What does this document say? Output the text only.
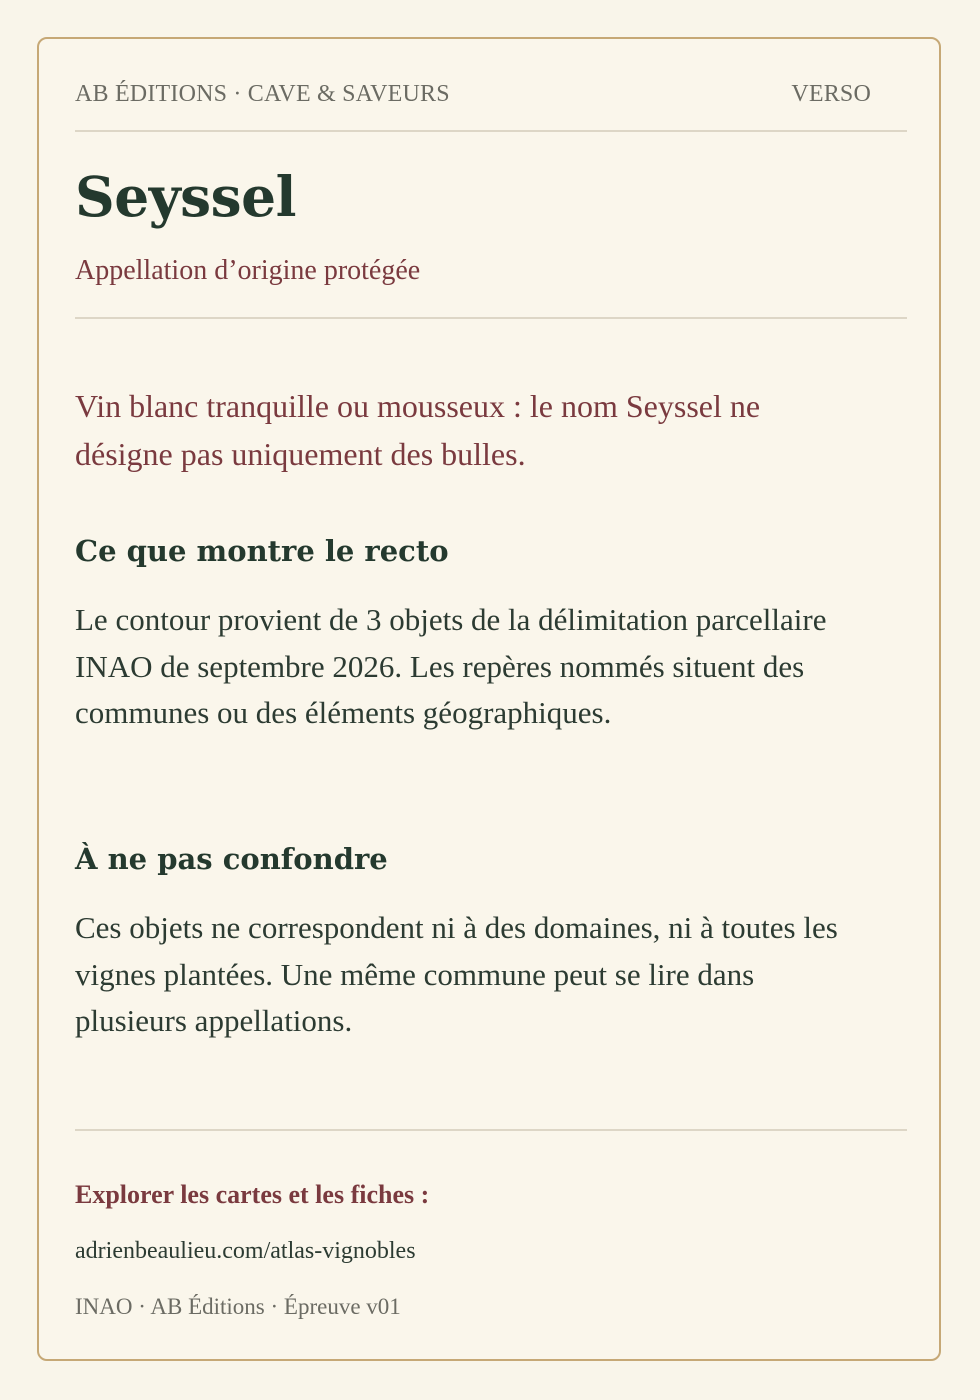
AB ÉDITIONS · CAVE & SAVEURS	VERSO
Seyssel
Appellation d’origine protégée
Vin blanc tranquille ou mousseux : le nom Seyssel ne désigne pas uniquement des bulles.
Ce que montre le recto
Le contour provient de 3 objets de la délimitation parcellaire INAO de septembre 2026. Les repères nommés situent des communes ou des éléments géographiques.
À ne pas confondre
Ces objets ne correspondent ni à des domaines, ni à toutes les vignes plantées. Une même commune peut se lire dans plusieurs appellations.
Explorer les cartes et les fiches :
adrienbeaulieu.com/atlas-vignobles
INAO · AB Éditions · Épreuve v01
